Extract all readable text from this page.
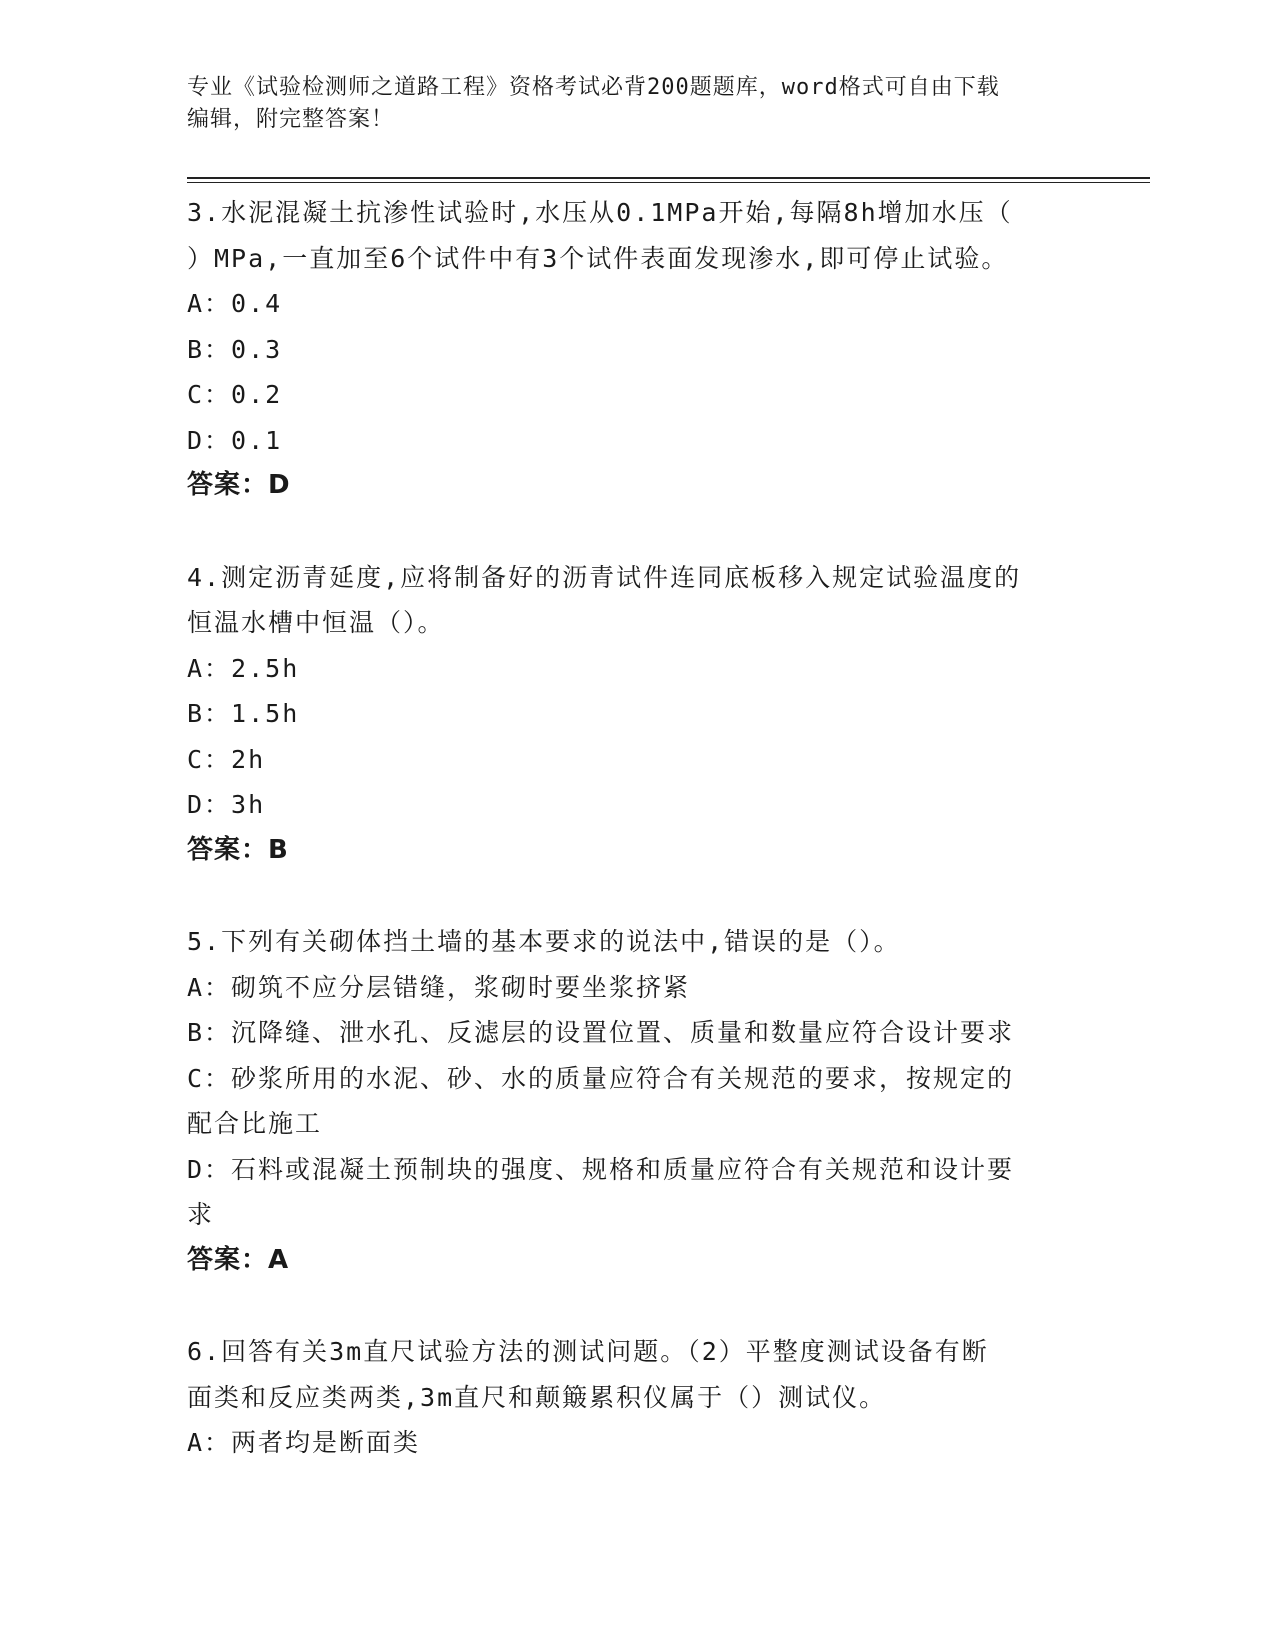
专业《试验检测师之道路工程》资格考试必背200题题库，word格式可自由下载
编辑，附完整答案！

3.水泥混凝土抗渗性试验时,水压从0.1MPa开始,每隔8h增加水压（

）MPa,一直加至6个试件中有3个试件表面发现渗水,即可停止试验。

A：0.4

B：0.3

C：0.2

D：0.1

答案：D

4.测定沥青延度,应将制备好的沥青试件连同底板移入规定试验温度的

恒温水槽中恒温（）。

A：2.5h

B：1.5h

C：2h

D：3h

答案：B

5.下列有关砌体挡土墙的基本要求的说法中,错误的是（）。

A：砌筑不应分层错缝，浆砌时要坐浆挤紧

B：沉降缝、泄水孔、反滤层的设置位置、质量和数量应符合设计要求

C：砂浆所用的水泥、砂、水的质量应符合有关规范的要求，按规定的

配合比施工

D：石料或混凝土预制块的强度、规格和质量应符合有关规范和设计要

求

答案：A

6.回答有关3m直尺试验方法的测试问题。（2）平整度测试设备有断

面类和反应类两类,3m直尺和颠簸累积仪属于（）测试仪。

A：两者均是断面类
